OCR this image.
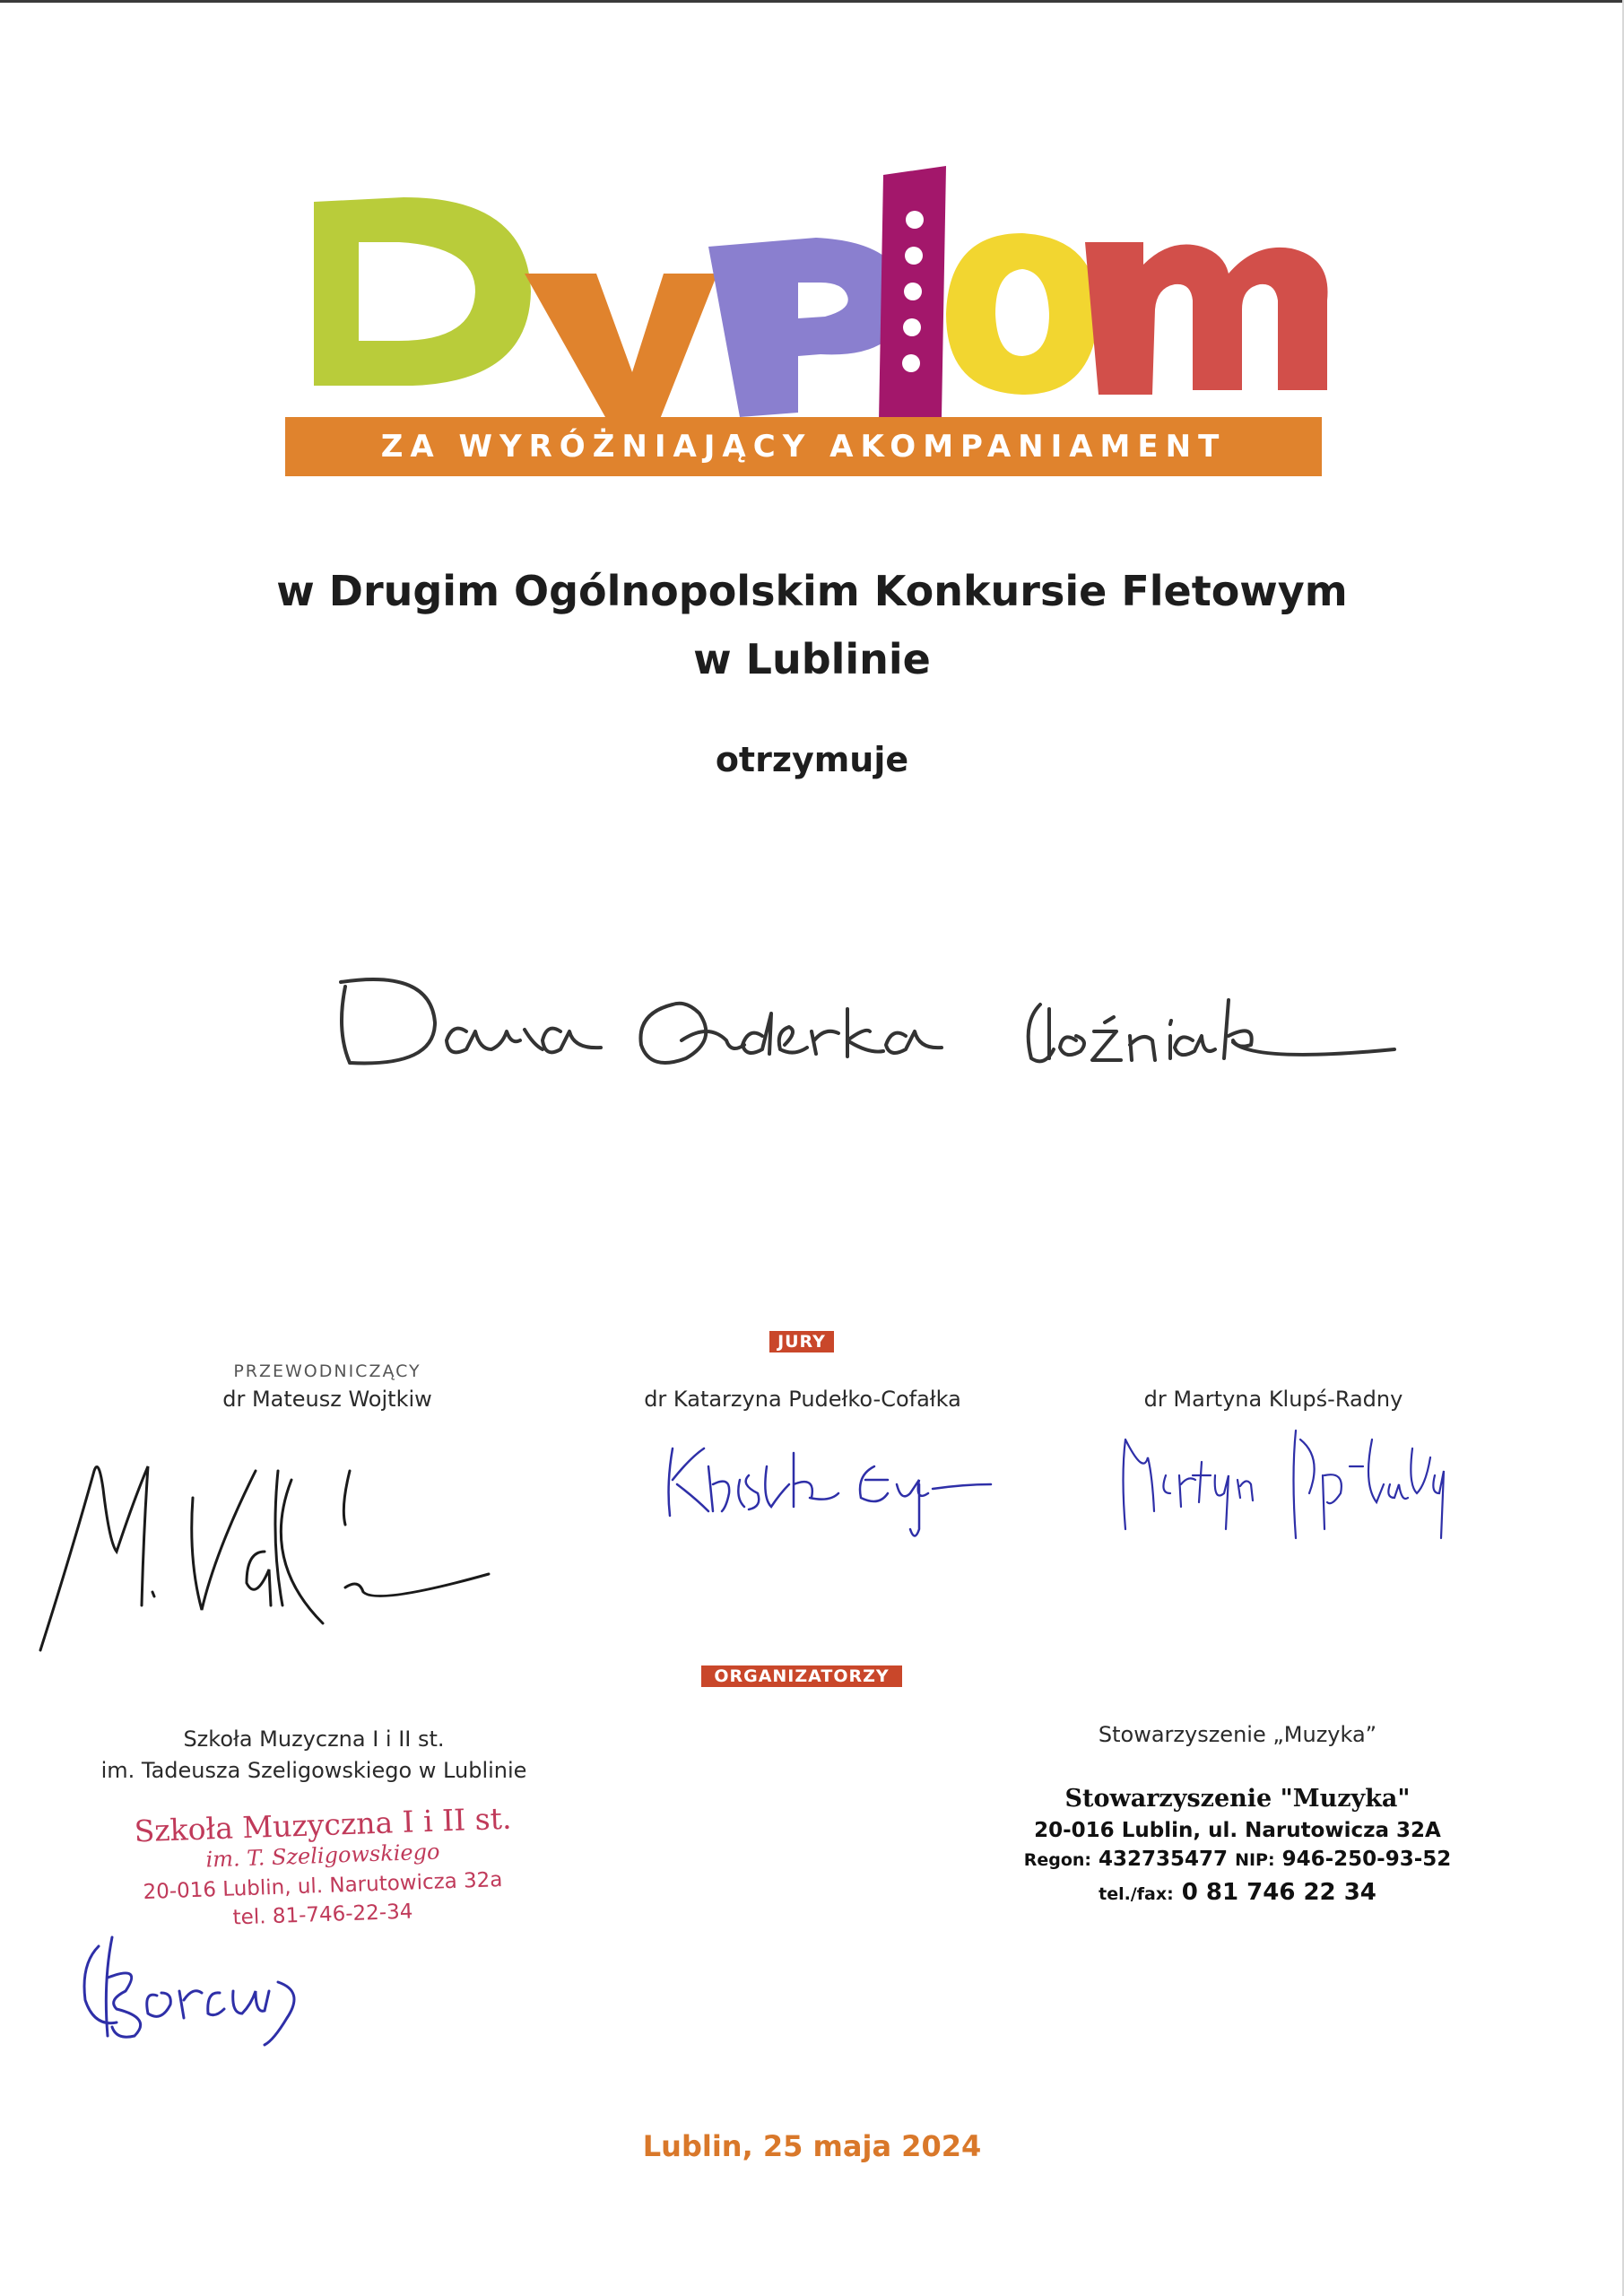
ZA WYRÓŻNIAJĄCY AKOMPANIAMENT
w Drugim Ogólnopolskim Konkursie Fletowym
w Lublinie
otrzymuje
JURY
PRZEWODNICZĄCY
dr Mateusz Wojtkiw	dr Katarzyna Pudełko-Cofałka	dr Martyna Klupś-Radny
ORGANIZATORZY
Szkoła Muzyczna I i II st.
im. Tadeusza Szeligowskiego w Lublinie
Stowarzyszenie „Muzyka”
Szkoła Muzyczna I i II st.
im. T. Szeligowskiego
20-016 Lublin, ul. Narutowicza 32a
tel. 81-746-22-34
Stowarzyszenie "Muzyka"
20-016 Lublin, ul. Narutowicza 32A
Regon: 432735477 NIP: 946-250-93-52
tel./fax: 0 81 746 22 34
Lublin, 25 maja 2024
